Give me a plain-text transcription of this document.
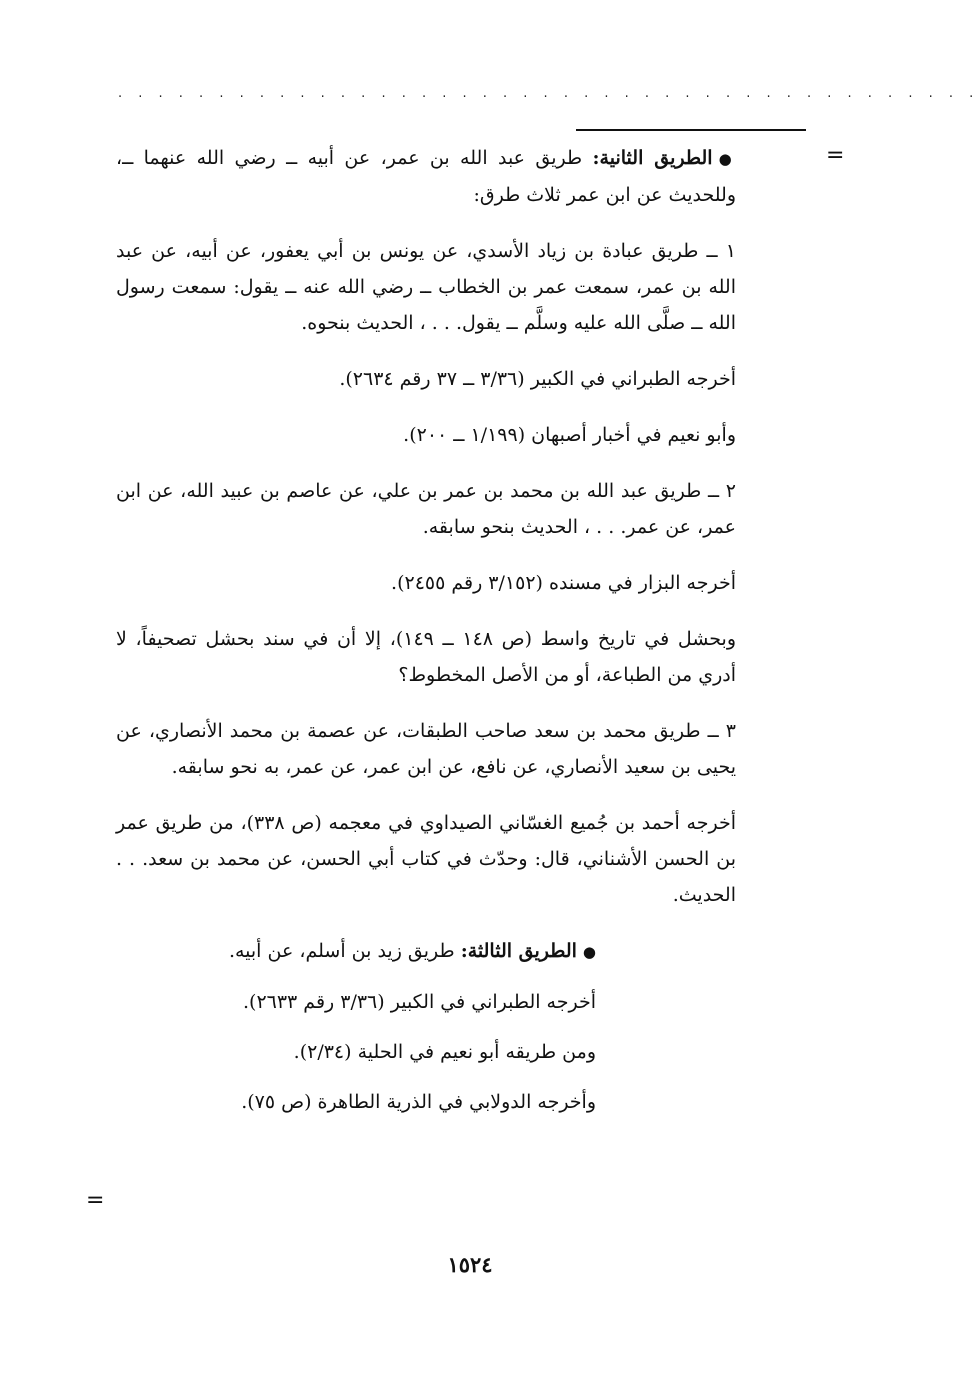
. . . . . . . . . . . . . . . . . . . . . . . . . . . . . . . . . . . . . . . . . . .
=

●الطريق الثانية: طريق عبد الله بن عمر، عن أبيه ــ رضي الله عنهما ــ، وللحديث عن ابن عمر ثلاث طرق:

١ ــ طريق عبادة بن زياد الأسدي، عن يونس بن أبي يعفور، عن أبيه، عن عبد الله بن عمر، سمعت عمر بن الخطاب ــ رضي الله عنه ــ يقول: سمعت رسول الله ــ صلَّى الله عليه وسلَّم ــ يقول. . . ، الحديث بنحوه.

أخرجه الطبراني في الكبير (٣/٣٦ ــ ٣٧ رقم ٢٦٣٤).

وأبو نعيم في أخبار أصبهان (١/١٩٩ ــ ٢٠٠).

٢ ــ طريق عبد الله بن محمد بن عمر بن علي، عن عاصم بن عبيد الله، عن ابن عمر، عن عمر. . . ، الحديث بنحو سابقه.

أخرجه البزار في مسنده (٣/١٥٢ رقم ٢٤٥٥).

وبحشل في تاريخ واسط (ص ١٤٨ ــ ١٤٩)، إلا أن في سند بحشل تصحيفاً، لا أدري من الطباعة، أو من الأصل المخطوط؟

٣ ــ طريق محمد بن سعد صاحب الطبقات، عن عصمة بن محمد الأنصاري، عن يحيى بن سعيد الأنصاري، عن نافع، عن ابن عمر، عن عمر، به نحو سابقه.

أخرجه أحمد بن جُميع الغسّاني الصيداوي في معجمه (ص ٣٣٨)، من طريق عمر بن الحسن الأشناني، قال: وحدّث في كتاب أبي الحسن، عن محمد بن سعد. . . الحديث.

●الطريق الثالثة: طريق زيد بن أسلم، عن أبيه.

أخرجه الطبراني في الكبير (٣/٣٦ رقم ٢٦٣٣).

ومن طريقه أبو نعيم في الحلية (٢/٣٤).

وأخرجه الدولابي في الذرية الطاهرة (ص ٧٥).

=
١٥٢٤
